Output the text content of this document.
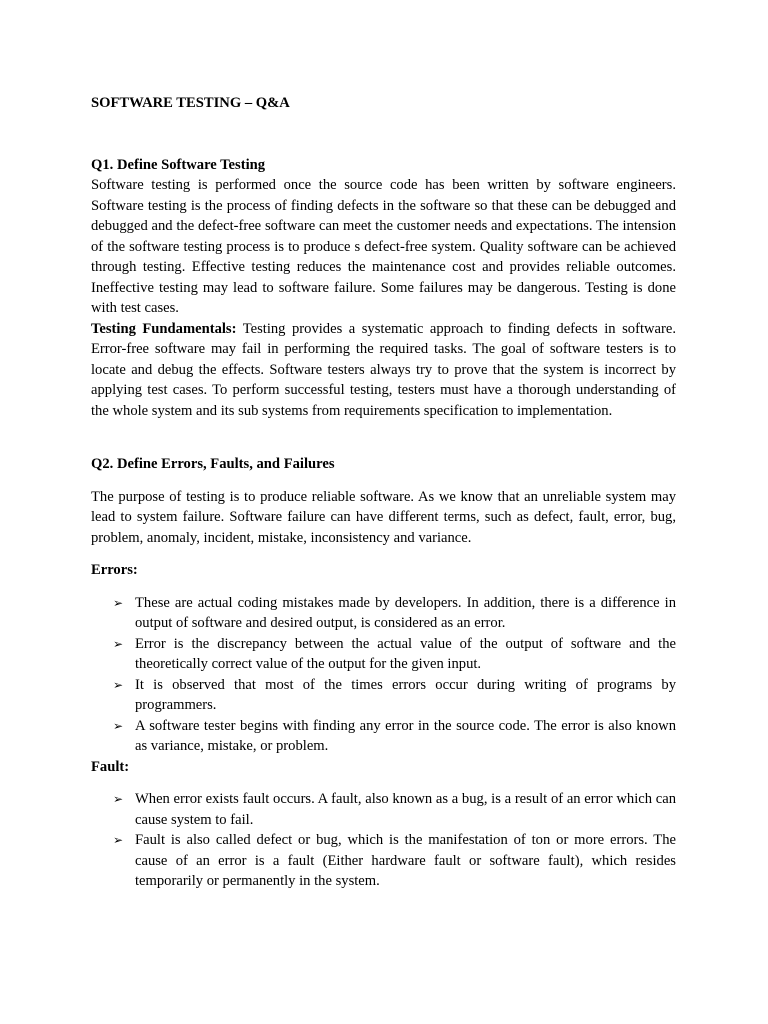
SOFTWARE TESTING – Q&A

Q1. Define Software Testing

Software testing is performed once the source code has been written by software engineers. Software testing is the process of finding defects in the software so that these can be debugged and debugged and the defect-free software can meet the customer needs and expectations. The intension of the software testing process is to produce s defect-free system. Quality software can be achieved through testing. Effective testing reduces the maintenance cost and provides reliable outcomes. Ineffective testing may lead to software failure. Some failures may be dangerous. Testing is done with test cases.

Testing Fundamentals: Testing provides a systematic approach to finding defects in software. Error-free software may fail in performing the required tasks. The goal of software testers is to locate and debug the effects. Software testers always try to prove that the system is incorrect by applying test cases. To perform successful testing, testers must have a thorough understanding of the whole system and its sub systems from requirements specification to implementation.

Q2. Define Errors, Faults, and Failures

The purpose of testing is to produce reliable software. As we know that an unreliable system may lead to system failure. Software failure can have different terms, such as defect, fault, error, bug, problem, anomaly, incident, mistake, inconsistency and variance.

Errors:

➢ These are actual coding mistakes made by developers. In addition, there is a difference in output of software and desired output, is considered as an error.
➢ Error is the discrepancy between the actual value of the output of software and the theoretically correct value of the output for the given input.
➢ It is observed that most of the times errors occur during writing of programs by programmers.
➢ A software tester begins with finding any error in the source code. The error is also known as variance, mistake, or problem.

Fault:

➢ When error exists fault occurs. A fault, also known as a bug, is a result of an error which can cause system to fail.
➢ Fault is also called defect or bug, which is the manifestation of ton or more errors. The cause of an error is a fault (Either hardware fault or software fault), which resides temporarily or permanently in the system.
